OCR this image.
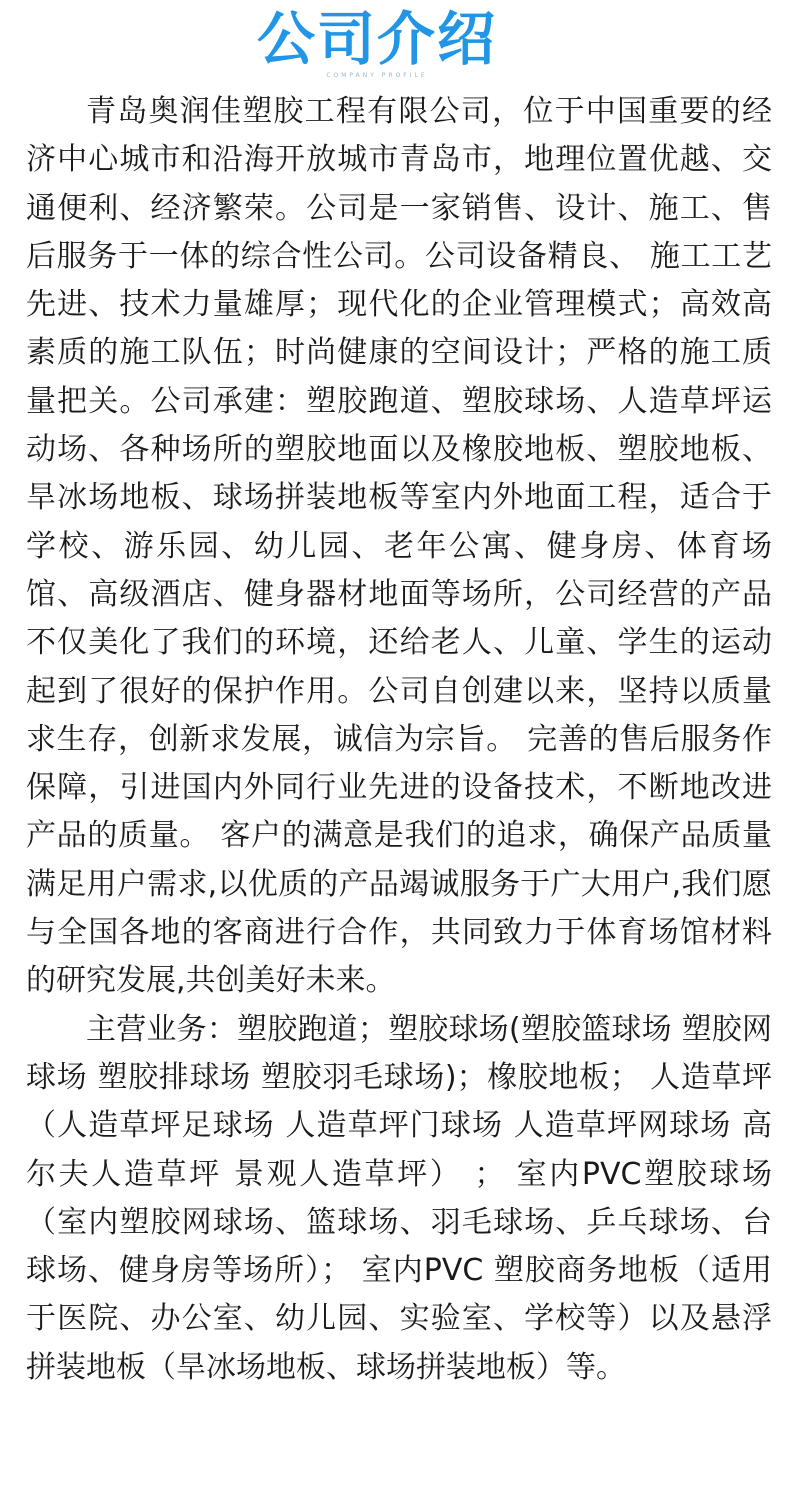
公司介绍
COMPANY PROFILE

青岛奥润佳塑胶工程有限公司，位于中国重要的经济中心城市和沿海开放城市青岛市，地理位置优越、交通便利、经济繁荣。公司是一家销售、设计、施工、售后服务于一体的综合性公司。公司设备精良、 施工工艺先进、技术力量雄厚；现代化的企业管理模式；高效高素质的施工队伍；时尚健康的空间设计；严格的施工质量把关。公司承建：塑胶跑道、塑胶球场、人造草坪运动场、各种场所的塑胶地面以及橡胶地板、塑胶地板、旱冰场地板、球场拼装地板等室内外地面工程，适合于学校、游乐园、幼儿园、老年公寓、健身房、体育场馆、高级酒店、健身器材地面等场所，公司经营的产品不仅美化了我们的环境，还给老人、儿童、学生的运动起到了很好的保护作用。公司自创建以来，坚持以质量求生存，创新求发展，诚信为宗旨。 完善的售后服务作保障，引进国内外同行业先进的设备技术，不断地改进产品的质量。 客户的满意是我们的追求，确保产品质量满足用户需求,以优质的产品竭诚服务于广大用户,我们愿与全国各地的客商进行合作，共同致力于体育场馆材料的研究发展,共创美好未来。

主营业务：塑胶跑道；塑胶球场(塑胶篮球场 塑胶网球场 塑胶排球场 塑胶羽毛球场)；橡胶地板； 人造草坪 （人造草坪足球场 人造草坪门球场 人造草坪网球场 高尔夫人造草坪 景观人造草坪） ； 室内PVC塑胶球场（室内塑胶网球场、篮球场、羽毛球场、乒乓球场、台球场、健身房等场所）； 室内PVC 塑胶商务地板（适用于医院、办公室、幼儿园、实验室、学校等）以及悬浮拼装地板（旱冰场地板、球场拼装地板）等。
